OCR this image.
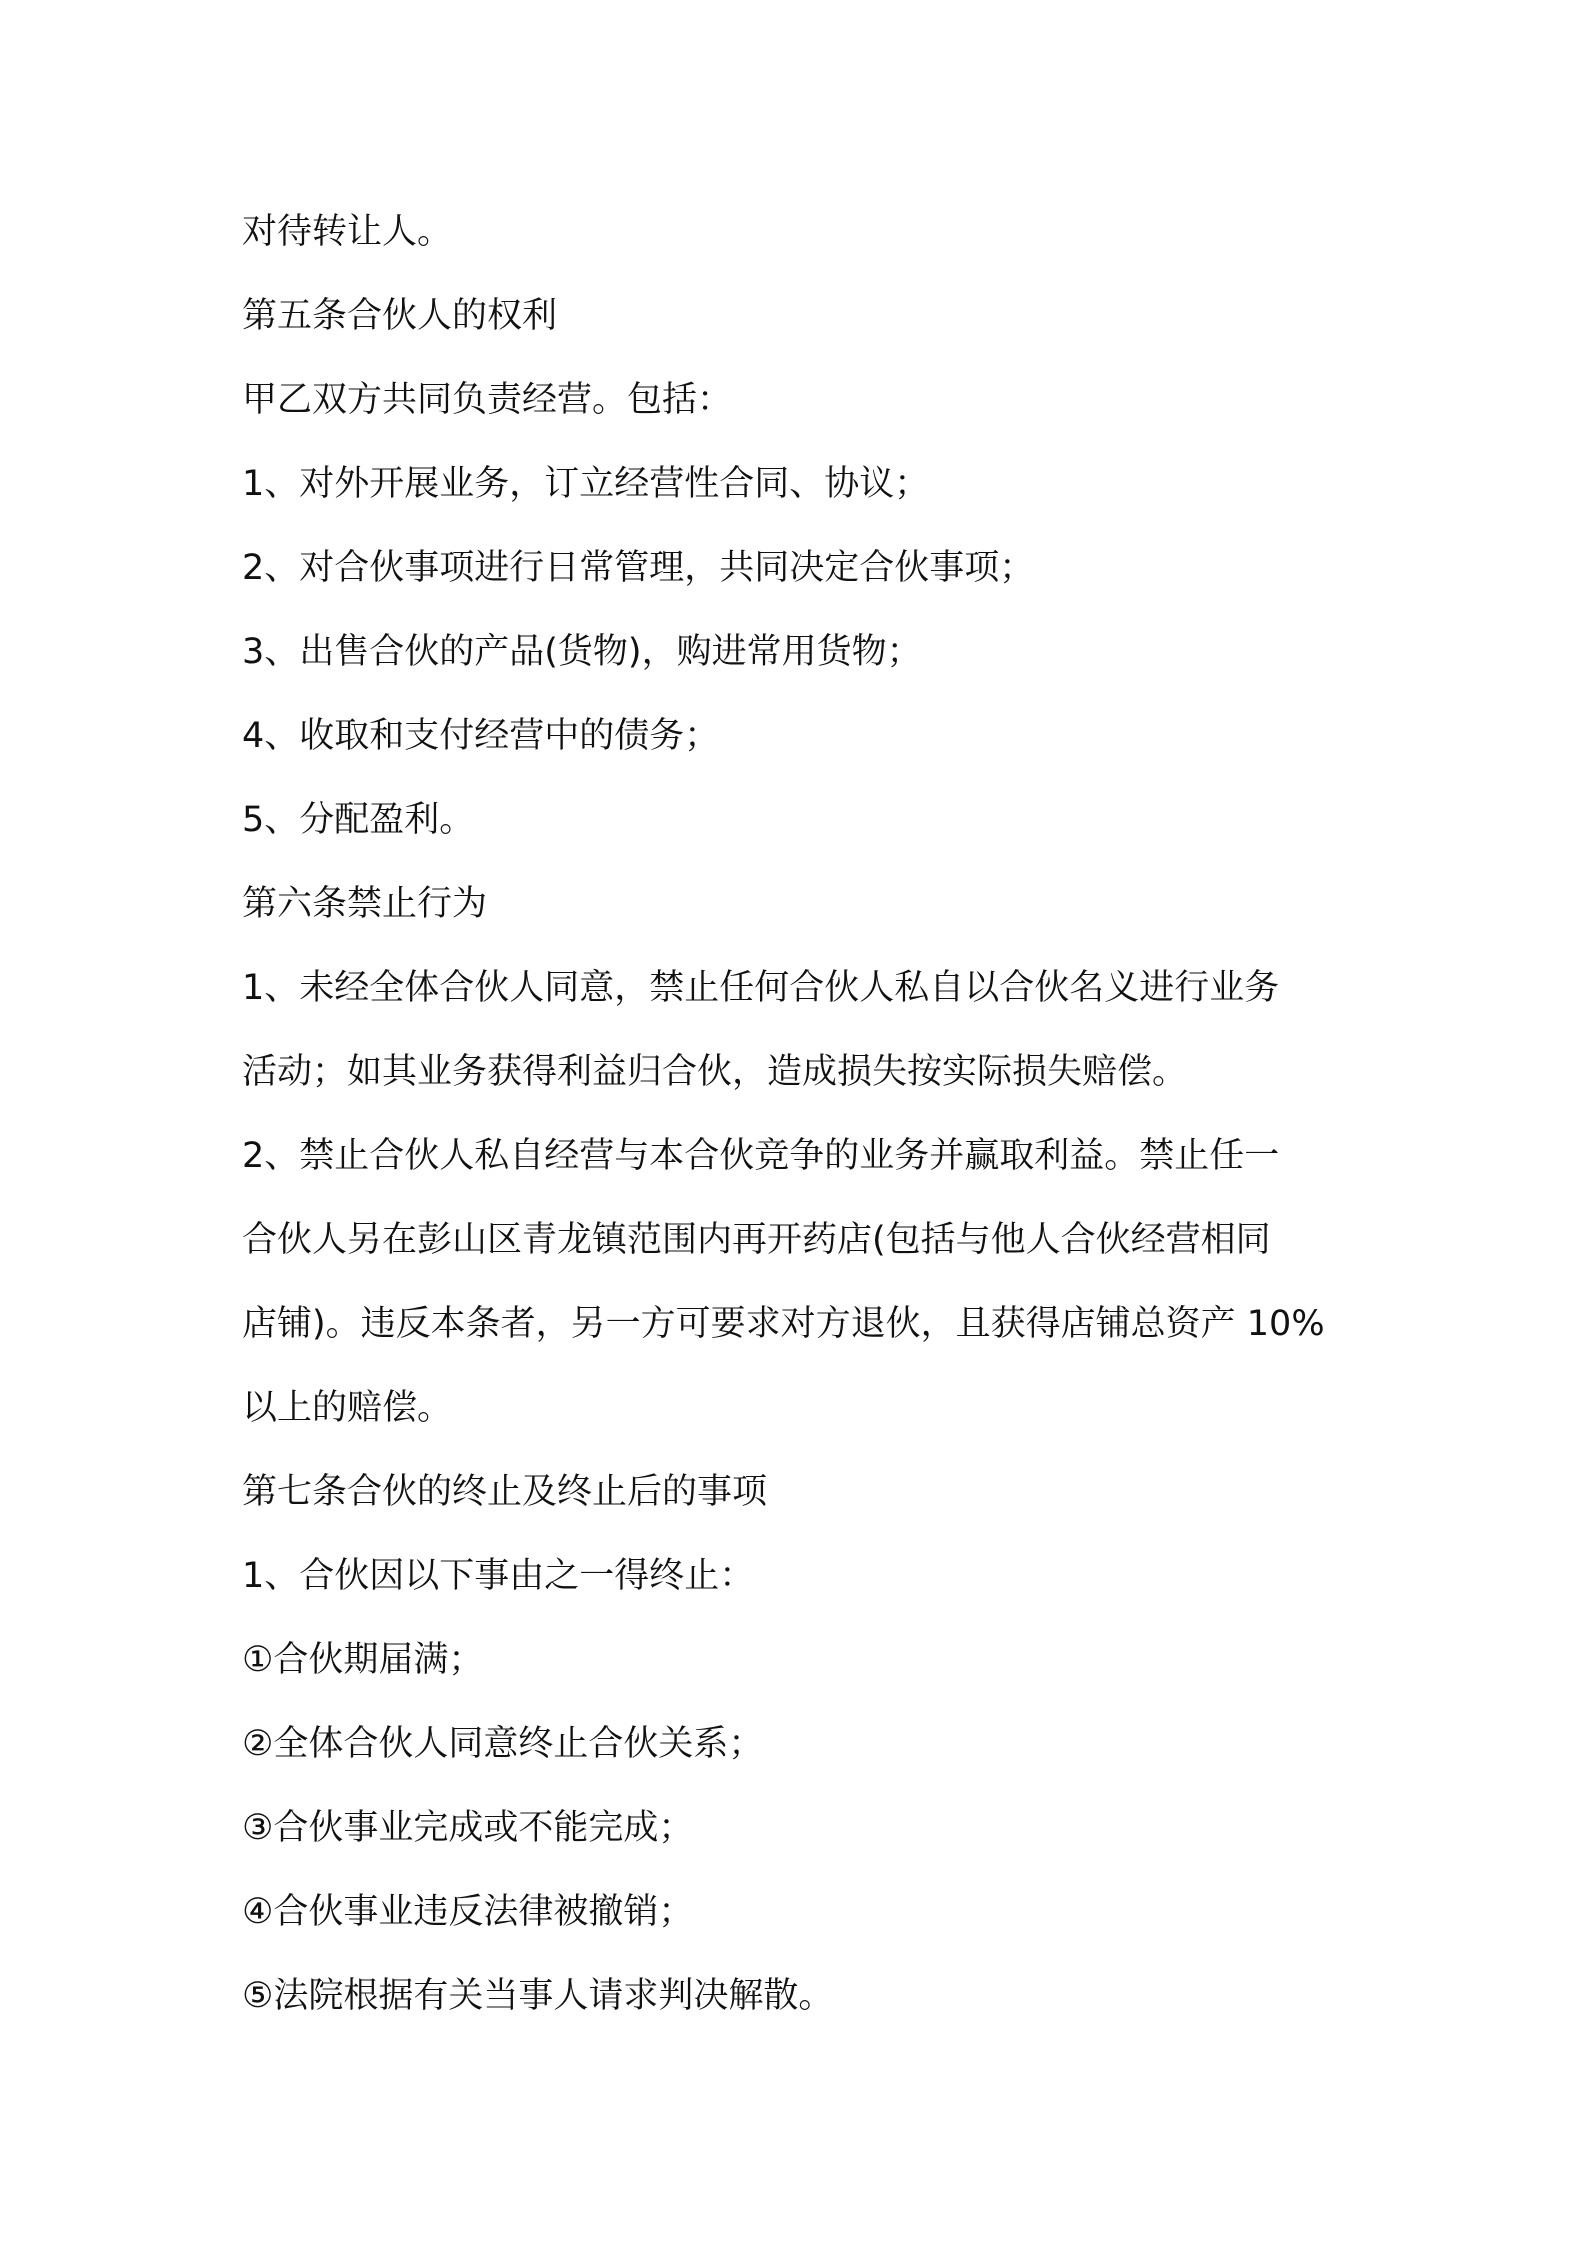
对待转让人。
第五条合伙人的权利
甲乙双方共同负责经营。包括：
1、对外开展业务，订立经营性合同、协议；
2、对合伙事项进行日常管理，共同决定合伙事项；
3、出售合伙的产品(货物)，购进常用货物；
4、收取和支付经营中的债务；
5、分配盈利。
第六条禁止行为
1、未经全体合伙人同意，禁止任何合伙人私自以合伙名义进行业务
活动；如其业务获得利益归合伙，造成损失按实际损失赔偿。
2、禁止合伙人私自经营与本合伙竞争的业务并赢取利益。禁止任一
合伙人另在彭山区青龙镇范围内再开药店(包括与他人合伙经营相同
店铺)。违反本条者，另一方可要求对方退伙，且获得店铺总资产 10%
以上的赔偿。
第七条合伙的终止及终止后的事项
1、合伙因以下事由之一得终止：
①合伙期届满；
②全体合伙人同意终止合伙关系；
③合伙事业完成或不能完成；
④合伙事业违反法律被撤销；
⑤法院根据有关当事人请求判决解散。
